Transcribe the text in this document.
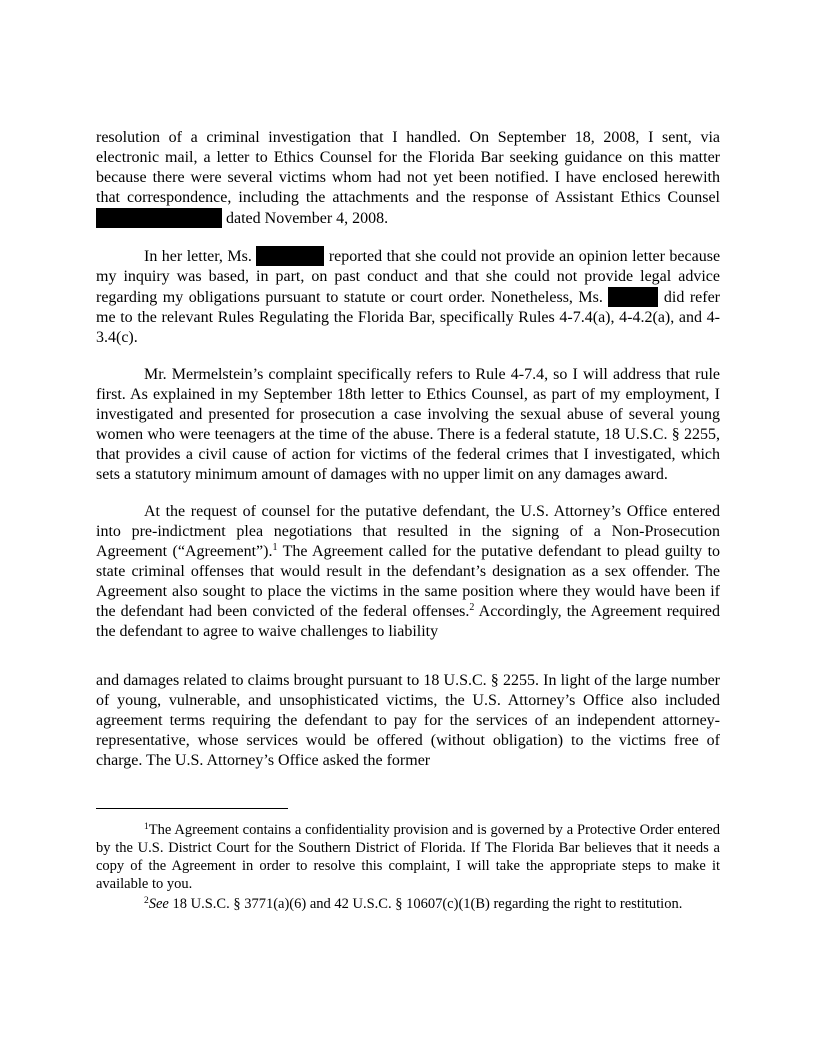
resolution of a criminal investigation that I handled. On September 18, 2008, I sent, via electronic mail, a letter to Ethics Counsel for the Florida Bar seeking guidance on this matter because there were several victims whom had not yet been notified. I have enclosed herewith that correspondence, including the attachments and the response of Assistant Ethics Counsel  dated November 4, 2008.

In her letter, Ms.	reported that she could not provide an opinion letter because my inquiry was based, in part, on past conduct and that she could not provide legal advice regarding my obligations pursuant to statute or court order. Nonetheless, Ms.	did refer me to the relevant Rules Regulating the Florida Bar, specifically Rules 4-7.4(a), 4-4.2(a), and 4-3.4(c).

Mr. Mermelstein’s complaint specifically refers to Rule 4-7.4, so I will address that rule first. As explained in my September 18th letter to Ethics Counsel, as part of my employment, I investigated and presented for prosecution a case involving the sexual abuse of several young women who were teenagers at the time of the abuse. There is a federal statute, 18 U.S.C. § 2255, that provides a civil cause of action for victims of the federal crimes that I investigated, which sets a statutory minimum amount of damages with no upper limit on any damages award.

At the request of counsel for the putative defendant, the U.S. Attorney’s Office entered into pre-indictment plea negotiations that resulted in the signing of a Non-Prosecution Agreement (“Agreement”).$^1$ The Agreement called for the putative defendant to plead guilty to state criminal offenses that would result in the defendant’s designation as a sex offender. The Agreement also sought to place the victims in the same position where they would have been if the defendant had been convicted of the federal offenses.$^2$ Accordingly, the Agreement required the defendant to agree to waive challenges to liability

and damages related to claims brought pursuant to 18 U.S.C. § 2255. In light of the large number of young, vulnerable, and unsophisticated victims, the U.S. Attorney’s Office also included agreement terms requiring the defendant to pay for the services of an independent attorney-representative, whose services would be offered (without obligation) to the victims free of charge. The U.S. Attorney’s Office asked the former

$^1$The Agreement contains a confidentiality provision and is governed by a Protective Order entered by the U.S. District Court for the Southern District of Florida. If The Florida Bar believes that it needs a copy of the Agreement in order to resolve this complaint, I will take the appropriate steps to make it available to you.

$^2$See 18 U.S.C. § 3771(a)(6) and 42 U.S.C. § 10607(c)(1(B) regarding the right to restitution.
